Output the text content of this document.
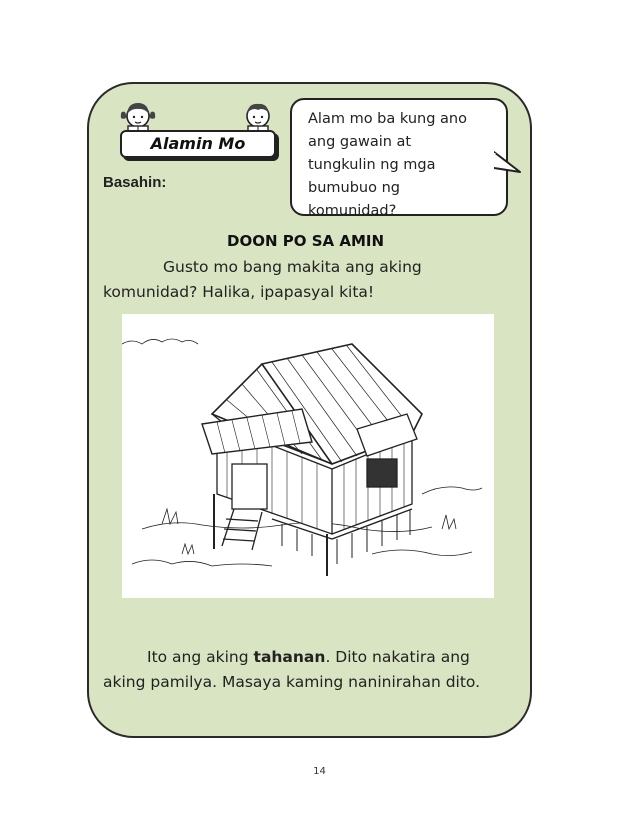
Alamin Mo
Basahin:
Alam mo ba kung ano
ang gawain at
tungkulin ng mga
bumubuo ng
komunidad?
DOON PO SA AMIN
Gusto mo bang makita ang aking
komunidad? Halika, ipapasyal kita!
Ito ang aking tahanan. Dito nakatira ang
aking pamilya. Masaya kaming naninirahan dito.
14
